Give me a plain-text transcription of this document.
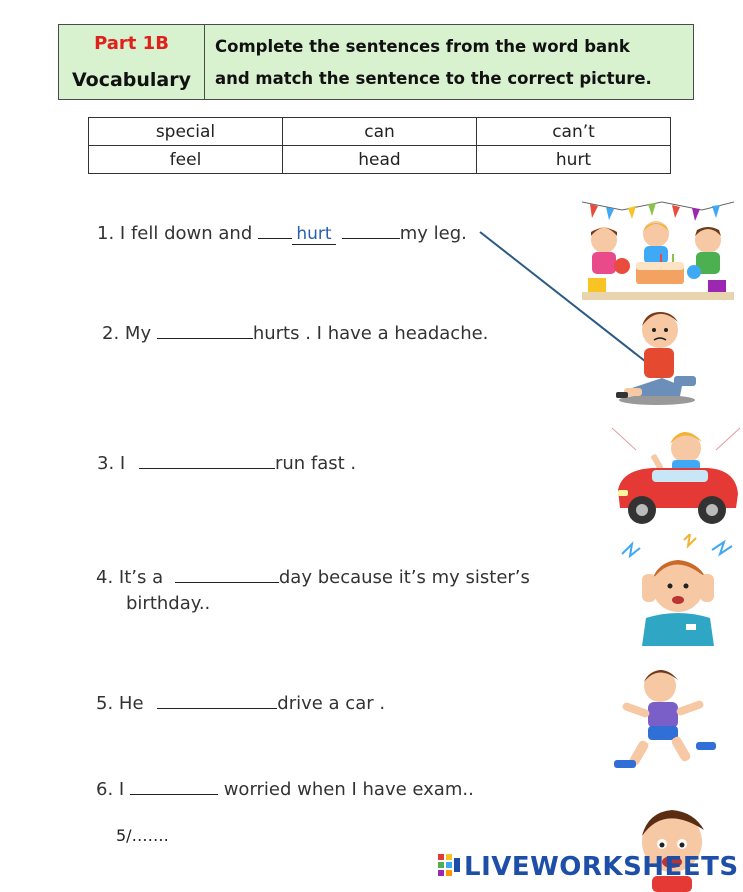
Part 1B
Vocabulary
Complete the sentences from the word bank
and match the sentence to the correct picture.
special	can	can’t
feel	head	hurt
1. I fell down and	hurt	my leg.
2. My	hurts . I have a headache.
3. I	run fast .
4. It’s a	day because it’s my sister’s
birthday..
5. He	drive a car .
6. I	worried when I have exam..
5/…….
LIVEWORKSHEETS
